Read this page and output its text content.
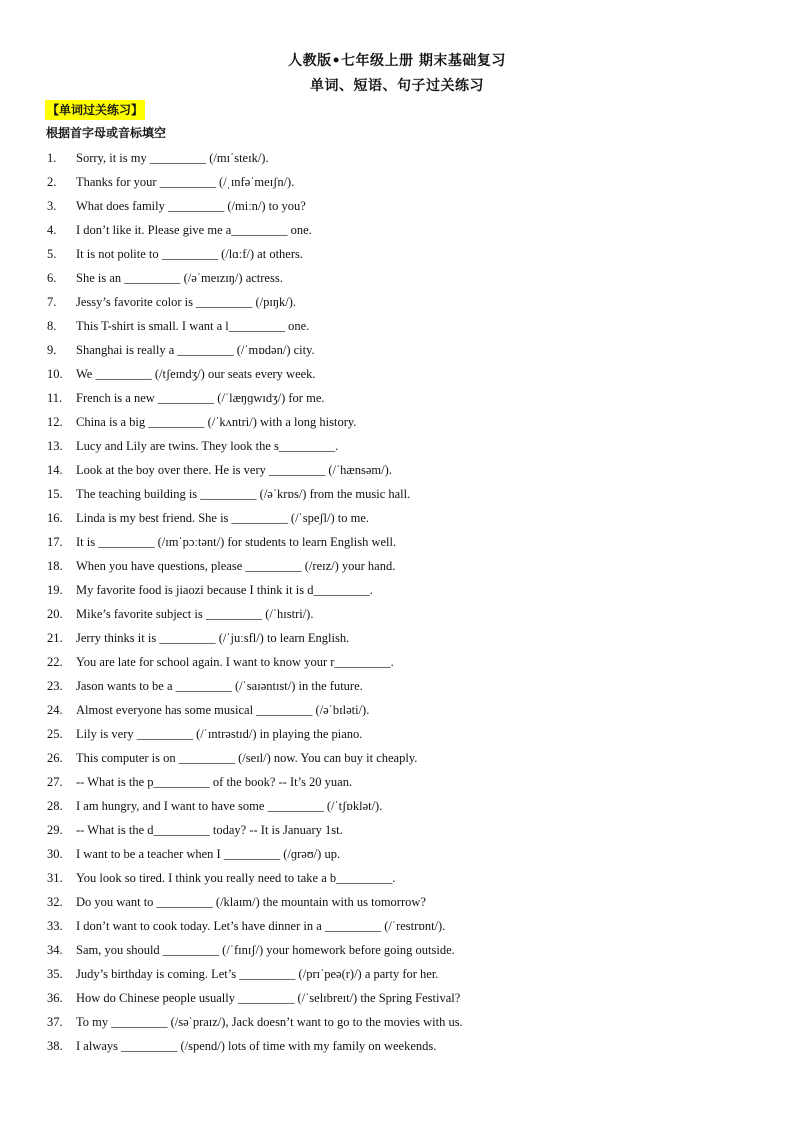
人教版•七年级上册 期末基础复习
单词、短语、句子过关练习
【单词过关练习】
根据首字母或音标填空
1. Sorry, it is my _________ (/mɪˈsteɪk/).
2. Thanks for your _________ (/ˌɪnfəˈmeɪʃn/).
3. What does family _________ (/miːn/) to you?
4. I don’t like it. Please give me a_________ one.
5. It is not polite to _________ (/lɑːf/) at others.
6. She is an _________ (/əˈmeɪzɪŋ/) actress.
7. Jessy’s favorite color is _________ (/pɪŋk/).
8. This T-shirt is small. I want a l_________ one.
9. Shanghai is really a _________ (/ˈmɒdən/) city.
10. We _________ (/tʃeɪndʒ/) our seats every week.
11. French is a new _________ (/ˈlæŋɡwɪdʒ/) for me.
12. China is a big _________ (/ˈkʌntri/) with a long history.
13. Lucy and Lily are twins. They look the s_________.
14. Look at the boy over there. He is very _________ (/ˈhænsəm/).
15. The teaching building is _________ (/əˈkrɒs/) from the music hall.
16. Linda is my best friend. She is _________ (/ˈspeʃl/) to me.
17. It is _________ (/ɪmˈpɔːtənt/) for students to learn English well.
18. When you have questions, please _________ (/reɪz/) your hand.
19. My favorite food is jiaozi because I think it is d_________.
20. Mike’s favorite subject is _________ (/ˈhɪstri/).
21. Jerry thinks it is _________ (/ˈjuːsfl/) to learn English.
22. You are late for school again. I want to know your r_________.
23. Jason wants to be a _________ (/ˈsaɪəntɪst/) in the future.
24. Almost everyone has some musical _________ (/əˈbɪləti/).
25. Lily is very _________ (/ˈɪntrəstɪd/) in playing the piano.
26. This computer is on _________ (/seɪl/) now. You can buy it cheaply.
27. -- What is the p_________ of the book? -- It’s 20 yuan.
28. I am hungry, and I want to have some _________ (/ˈtʃɒklət/).
29. -- What is the d_________ today? -- It is January 1st.
30. I want to be a teacher when I _________ (/ɡrəʊ/) up.
31. You look so tired. I think you really need to take a b_________.
32. Do you want to _________ (/klaɪm/) the mountain with us tomorrow?
33. I don’t want to cook today. Let’s have dinner in a _________ (/ˈrestrɒnt/).
34. Sam, you should _________ (/ˈfɪnɪʃ/) your homework before going outside.
35. Judy’s birthday is coming. Let’s _________ (/prɪˈpeə(r)/) a party for her.
36. How do Chinese people usually _________ (/ˈselɪbreɪt/) the Spring Festival?
37. To my _________ (/səˈpraɪz/), Jack doesn’t want to go to the movies with us.
38. I always _________ (/spend/) lots of time with my family on weekends.
